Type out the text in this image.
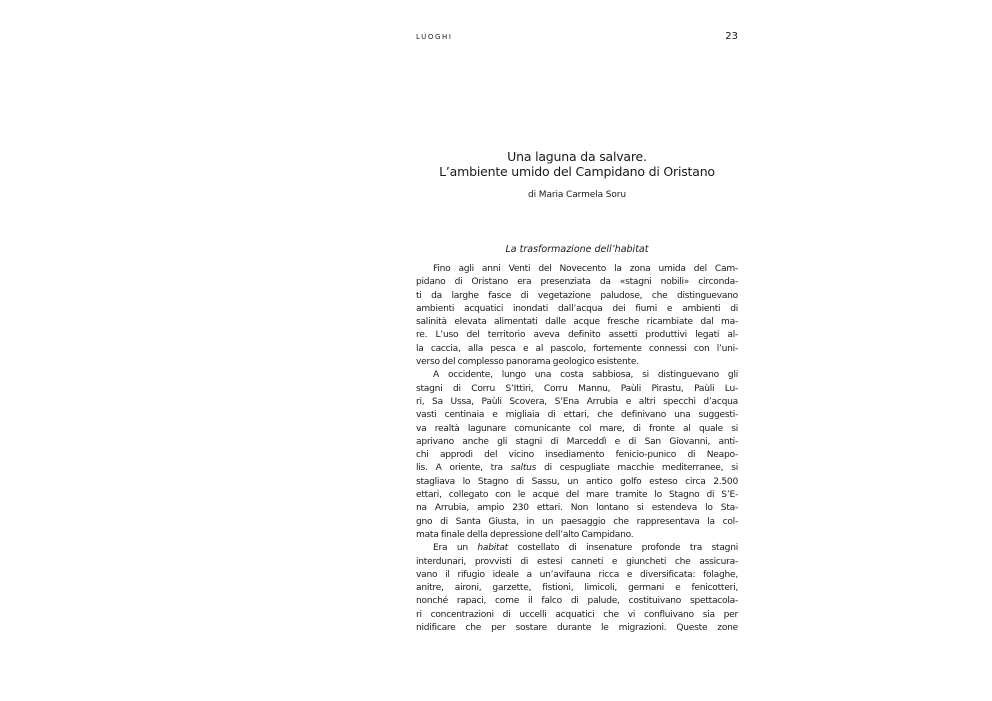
LUOGHI	23
Una laguna da salvare.
L’ambiente umido del Campidano di Oristano
di Maria Carmela Soru
La trasformazione dell’habitat
Fino agli anni Venti del Novecento la zona umida del Cam-
pidano di Oristano era presenziata da «stagni nobili» circonda-
ti da larghe fasce di vegetazione paludose, che distinguevano
ambienti acquatici inondati dall’acqua dei fiumi e ambienti di
salinità elevata alimentati dalle acque fresche ricambiate dal ma-
re. L’uso del territorio aveva definito assetti produttivi legati al-
la caccia, alla pesca e al pascolo, fortemente connessi con l’uni-
verso del complesso panorama geologico esistente.
A occidente, lungo una costa sabbiosa, si distinguevano gli
stagni di Corru S’Ittiri, Corru Mannu, Paùli Pirastu, Paùli Lu-
ri, Sa Ussa, Paùli Scovera, S’Ena Arrubia e altri specchi d’acqua
vasti centinaia e migliaia di ettari, che definivano una suggesti-
va realtà lagunare comunicante col mare, di fronte al quale si
aprivano anche gli stagni di Marceddì e di San Giovanni, anti-
chi approdi del vicino insediamento fenicio-punico di Neapo-
lis. A oriente, tra saltus di cespugliate macchie mediterranee, si
stagliava lo Stagno di Sassu, un antico golfo esteso circa 2.500
ettari, collegato con le acque del mare tramite lo Stagno di S’E-
na Arrubia, ampio 230 ettari. Non lontano si estendeva lo Sta-
gno di Santa Giusta, in un paesaggio che rappresentava la col-
mata finale della depressione dell’alto Campidano.
Era un habitat costellato di insenature profonde tra stagni
interdunari, provvisti di estesi canneti e giuncheti che assicura-
vano il rifugio ideale a un’avifauna ricca e diversificata: folaghe,
anitre, aironi, garzette, fistioni, limicoli, germani e fenicotteri,
nonché rapaci, come il falco di palude, costituivano spettacola-
ri concentrazioni di uccelli acquatici che vi confluivano sia per
nidificare che per sostare durante le migrazioni. Queste zone
